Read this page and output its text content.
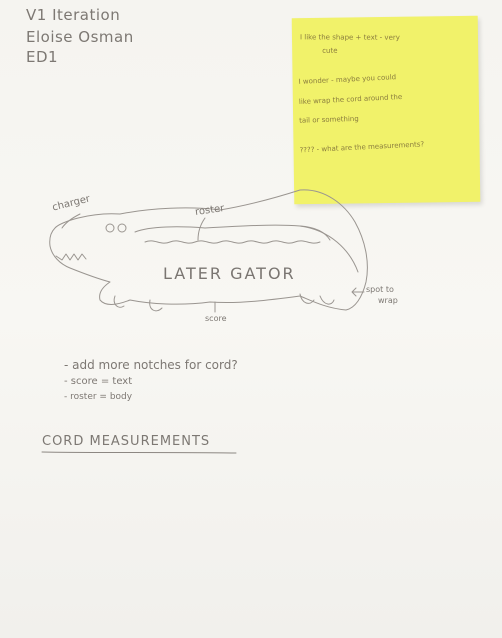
V1 Iteration
Eloise Osman
ED1
I like the shape + text - very
cute
I wonder - maybe you could
like wrap the cord around the
tail or something
???? - what are the measurements?
charger	roster
LATER GATOR
score
spot to
wrap
- add more notches for cord?
- score = text
- roster = body
CORD MEASUREMENTS
